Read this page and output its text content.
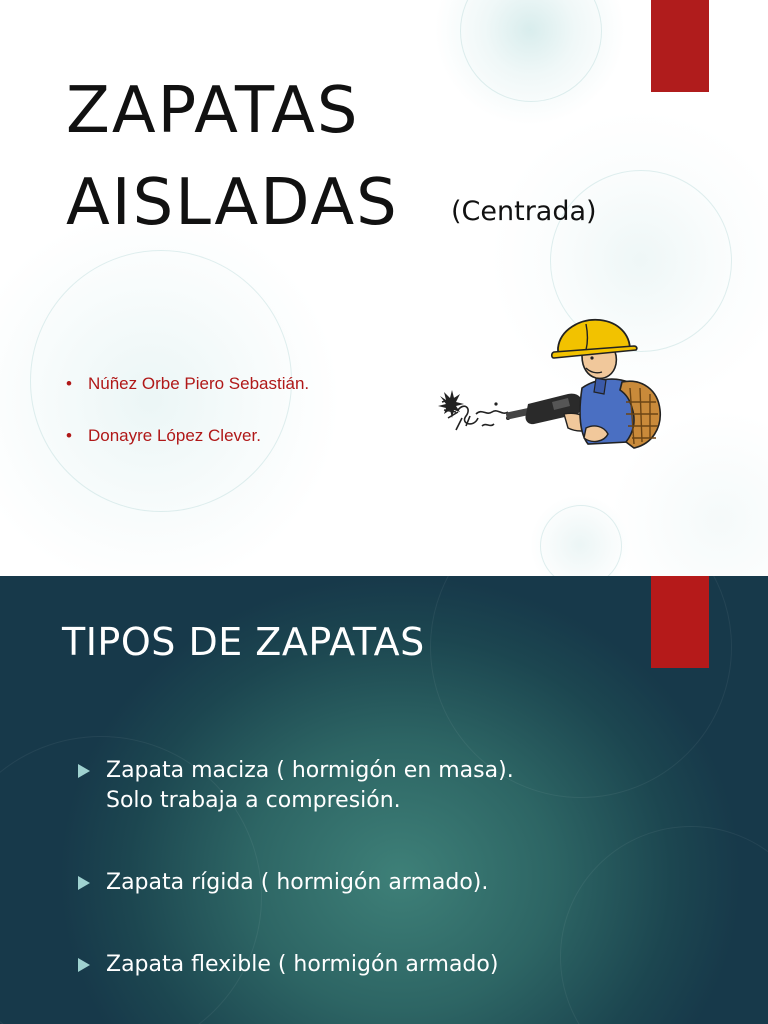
ZAPATAS
AISLADAS (Centrada)

• Núñez Orbe Piero Sebastián.

• Donayre López Clever.

TIPOS DE ZAPATAS
Zapata maciza ( hormigón en masa).
Solo trabaja a compresión.
Zapata rígida ( hormigón armado).
Zapata flexible ( hormigón armado)
